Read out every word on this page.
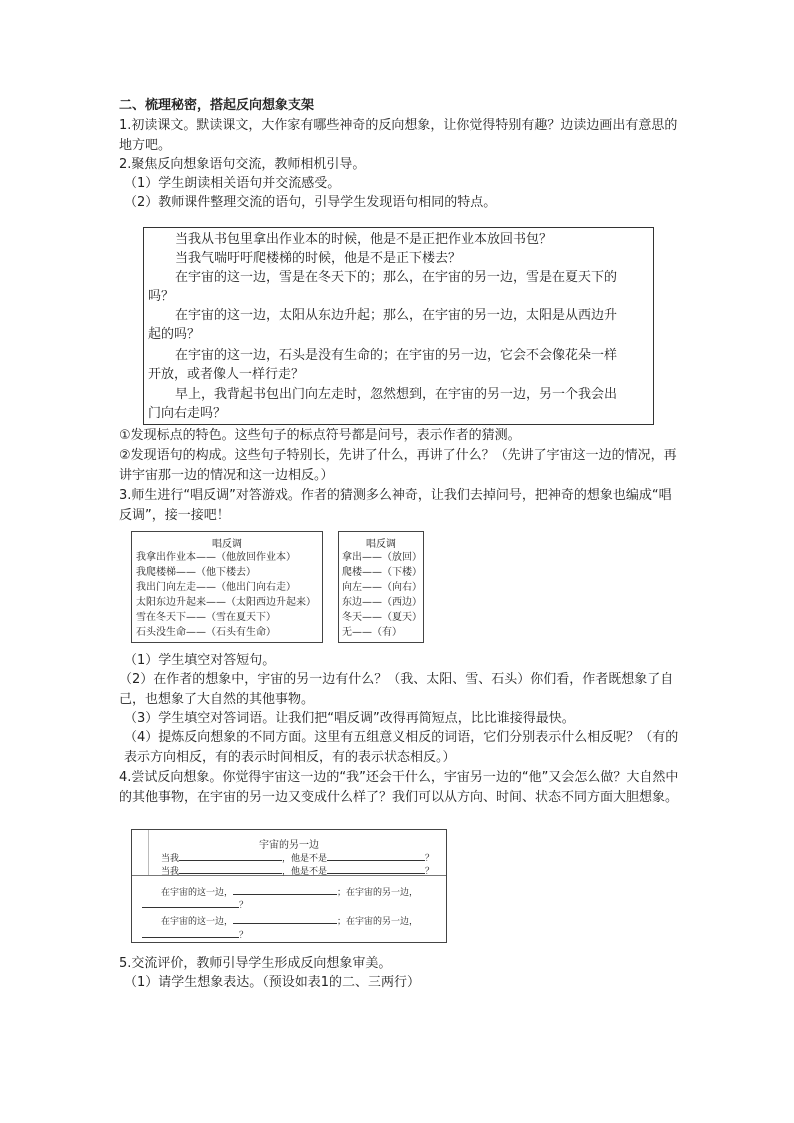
二、梳理秘密，搭起反向想象支架
1.初读课文。默读课文，大作家有哪些神奇的反向想象，让你觉得特别有趣？边读边画出有意思的地方吧。
2.聚焦反向想象语句交流，教师相机引导。
（1）学生朗读相关语句并交流感受。
（2）教师课件整理交流的语句，引导学生发现语句相同的特点。
当我从书包里拿出作业本的时候，他是不是正把作业本放回书包？
当我气喘吁吁爬楼梯的时候，他是不是正下楼去？
在宇宙的这一边，雪是在冬天下的；那么，在宇宙的另一边，雪是在夏天下的
吗？
在宇宙的这一边，太阳从东边升起；那么，在宇宙的另一边，太阳是从西边升
起的吗？
在宇宙的这一边，石头是没有生命的；在宇宙的另一边，它会不会像花朵一样
开放，或者像人一样行走？
早上，我背起书包出门向左走时，忽然想到，在宇宙的另一边，另一个我会出
门向右走吗？
①发现标点的特色。这些句子的标点符号都是问号，表示作者的猜测。
②发现语句的构成。这些句子特别长，先讲了什么，再讲了什么？（先讲了宇宙这一边的情况，再讲宇宙那一边的情况和这一边相反。）
3.师生进行“唱反调”对答游戏。作者的猜测多么神奇，让我们去掉问号，把神奇的想象也编成“唱反调”，接一接吧！
唱反调
我拿出作业本——（他放回作业本）
我爬楼梯——（他下楼去）
我出门向左走——（他出门向右走）
太阳东边升起来——（太阳西边升起来）
雪在冬天下——（雪在夏天下）
石头没生命——（石头有生命）
唱反调
拿出——（放回）
爬楼——（下楼）
向左——（向右）
东边——（西边）
冬天——（夏天）
无——（有）
（1）学生填空对答短句。
（2）在作者的想象中，宇宙的另一边有什么？（我、太阳、雪、石头）你们看，作者既想象了自己，也想象了大自然的其他事物。
（3）学生填空对答词语。让我们把“唱反调”改得再简短点，比比谁接得最快。
（4）提炼反向想象的不同方面。这里有五组意义相反的词语，它们分别表示什么相反呢？（有的表示方向相反，有的表示时间相反，有的表示状态相反。）
4.尝试反向想象。你觉得宇宙这一边的“我”还会干什么，宇宙另一边的“他”又会怎么做？大自然中的其他事物，在宇宙的另一边又变成什么样了？我们可以从方向、时间、状态不同方面大胆想象。
宇宙的另一边
当我	，他是不是	？
当我	，他是不是	？
在宇宙的这一边，	；在宇宙的另一边，
？
在宇宙的这一边，	；在宇宙的另一边，
？
5.交流评价，教师引导学生形成反向想象审美。
（1）请学生想象表达。（预设如表1的二、三两行）
